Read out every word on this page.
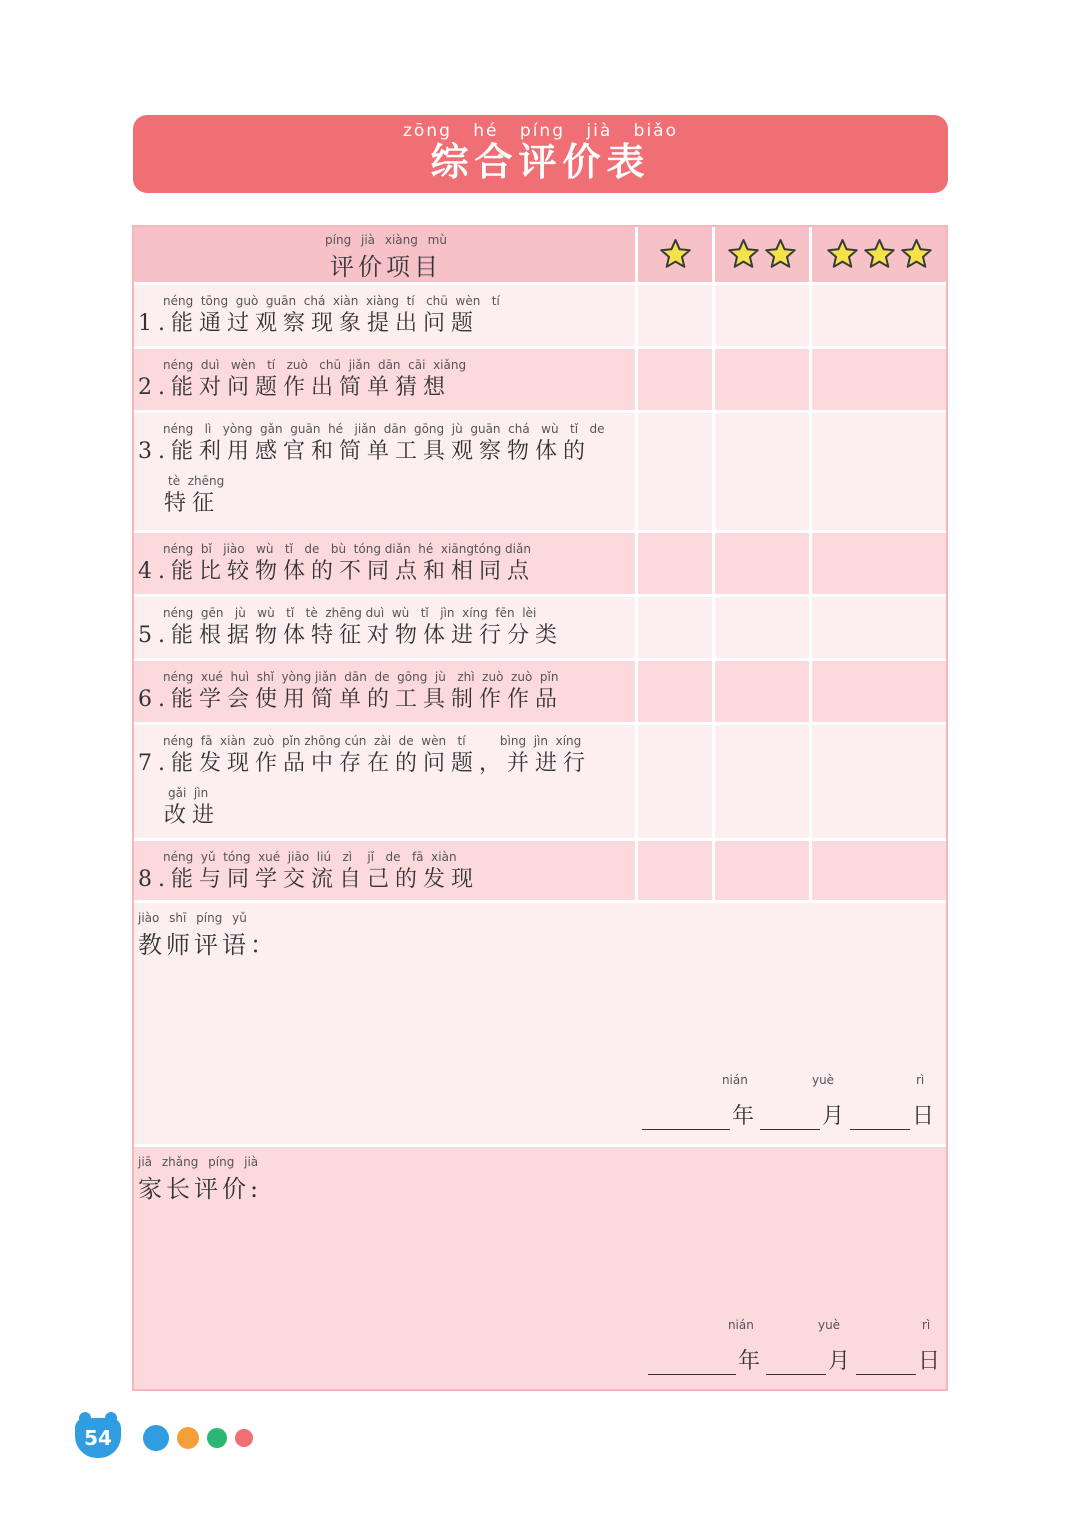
zōng hé píng jià biǎo
综合评价表
píng jià xiàng mù
评价项目
néng  tōng  guò  guān  chá  xiàn  xiàng  tí   chū  wèn   tí
1.能通过观察现象提出问题
néng  duì   wèn   tí   zuò   chū  jiǎn  dān  cāi  xiǎng
2.能对问题作出简单猜想
néng   lì   yòng  gǎn  guān  hé   jiǎn  dān  gōng  jù  guān  chá   wù   tǐ   de
3.能利用感官和简单工具观察物体的
tè  zhēng
特征
néng  bǐ   jiào   wù   tǐ   de   bù  tóng diǎn  hé  xiāngtóng diǎn
4.能比较物体的不同点和相同点
néng  gēn   jù   wù   tǐ   tè  zhēng duì  wù   tǐ   jìn  xíng  fēn  lèi
5.能根据物体特征对物体进行分类
néng  xué  huì  shǐ  yòng jiǎn  dān  de  gōng  jù   zhì  zuò  zuò  pǐn
6.能学会使用简单的工具制作作品
néng  fā  xiàn  zuò  pǐn zhōng cún  zài  de  wèn   tí         bìng  jìn  xíng
7.能发现作品中存在的问题，并进行
gǎi  jìn
改进
néng  yǔ  tóng  xué  jiāo  liú   zì    jǐ   de   fā  xiàn
8.能与同学交流自己的发现
jiào shī píng yǔ
教师评语：
nián
年
yuè
月
rì
日
jiā zhǎng píng jià
家长评价:
nián
年
yuè
月
rì
日
54
